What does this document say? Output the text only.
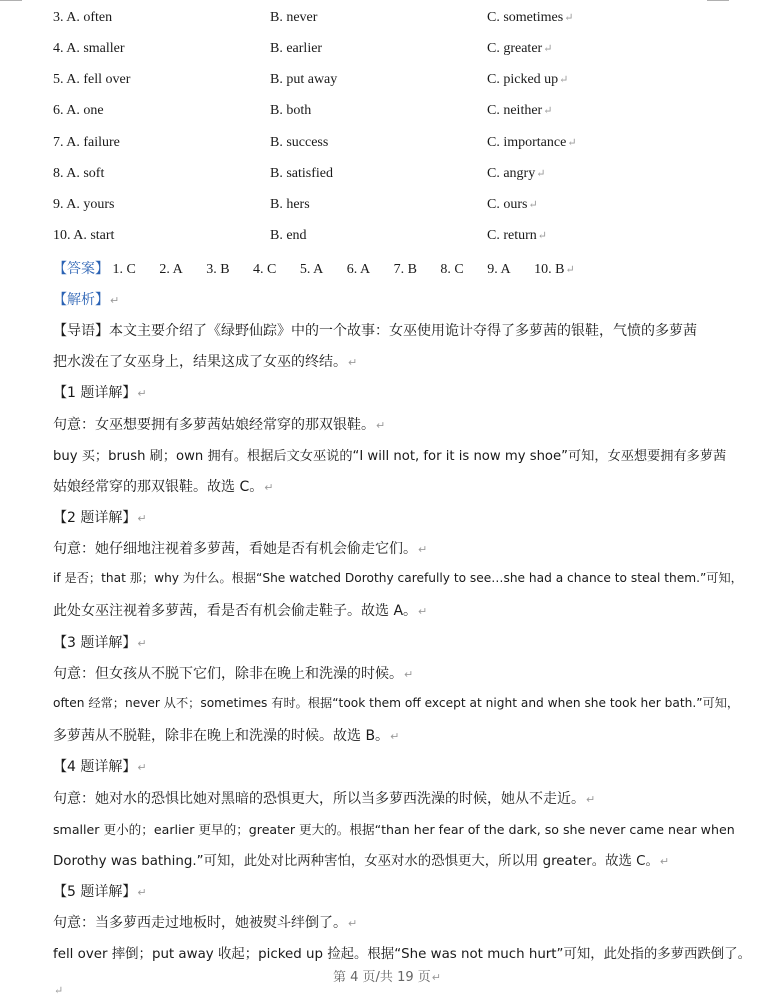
3. A. often	B. never	C. sometimes↵
4. A. smaller	B. earlier	C. greater↵
5. A. fell over	B. put away	C. picked up↵
6. A. one	B. both	C. neither↵
7. A. failure	B. success	C. importance↵
8. A. soft	B. satisfied	C. angry↵
9. A. yours	B. hers	C. ours↵
10. A. start	B. end	C. return↵
【答案】 1. C 2. A 3. B 4. C 5. A 6. A 7. B 8. C 9. A 10. B↵
【解析】↵
【导语】本文主要介绍了《绿野仙踪》中的一个故事：女巫使用诡计夺得了多萝茜的银鞋，气愤的多萝茜
把水泼在了女巫身上，结果这成了女巫的终结。↵
【1 题详解】↵
句意：女巫想要拥有多萝茜姑娘经常穿的那双银鞋。↵
buy 买；brush 刷；own 拥有。根据后文女巫说的“I will not, for it is now my shoe”可知，女巫想要拥有多萝茜
姑娘经常穿的那双银鞋。故选 C。↵
【2 题详解】↵
句意：她仔细地注视着多萝茜，看她是否有机会偷走它们。↵
if 是否；that 那；why 为什么。根据“She watched Dorothy carefully to see…she had a chance to steal them.”可知，
此处女巫注视着多萝茜，看是否有机会偷走鞋子。故选 A。↵
【3 题详解】↵
句意：但女孩从不脱下它们，除非在晚上和洗澡的时候。↵
often 经常；never 从不；sometimes 有时。根据“took them off except at night and when she took her bath.”可知，
多萝茜从不脱鞋，除非在晚上和洗澡的时候。故选 B。↵
【4 题详解】↵
句意：她对水的恐惧比她对黑暗的恐惧更大，所以当多萝西洗澡的时候，她从不走近。↵
smaller 更小的；earlier 更早的；greater 更大的。根据“than her fear of the dark, so she never came near when
Dorothy was bathing.”可知，此处对比两种害怕，女巫对水的恐惧更大，所以用 greater。故选 C。↵
【5 题详解】↵
句意：当多萝西走过地板时，她被熨斗绊倒了。↵
fell over 摔倒；put away 收起；picked up 捡起。根据“She was not much hurt”可知，此处指的多萝西跌倒了。
第 4 页/共 19 页↵
↵
